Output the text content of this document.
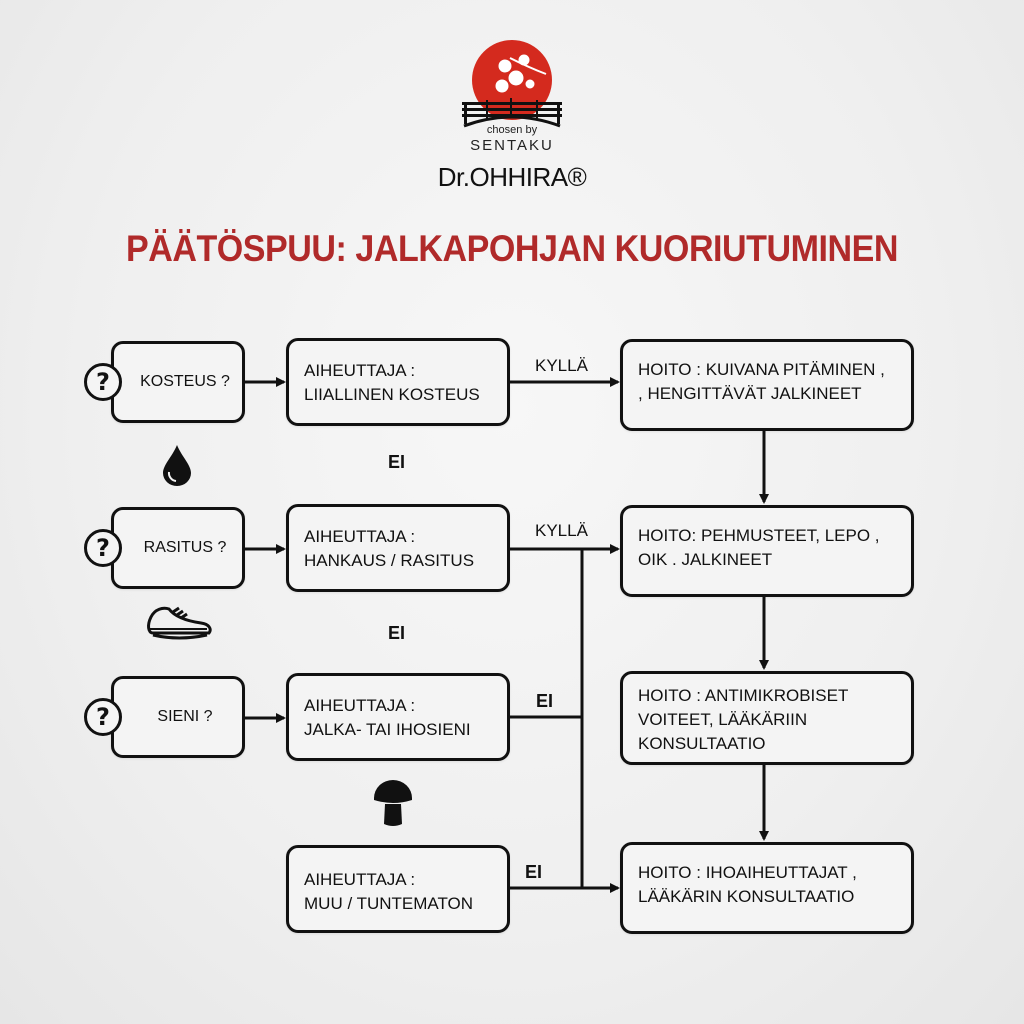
chosen by
SENTAKU
Dr.OHHIRA®
PÄÄTÖSPUU: JALKAPOHJAN KUORIUTUMINEN
KOSTEUS ?
?
RASITUS ?
?
SIENI ?
?
AIHEUTTAJA :
LIIALLINEN KOSTEUS
AIHEUTTAJA :
HANKAUS / RASITUS
AIHEUTTAJA :
JALKA- TAI IHOSIENI
AIHEUTTAJA :
MUU / TUNTEMATON
HOITO : KUIVANA PITÄMINEN ,
, HENGITTÄVÄT JALKINEET
HOITO: PEHMUSTEET, LEPO ,
OIK . JALKINEET
HOITO : ANTIMIKROBISET
VOITEET, LÄÄKÄRIIN
KONSULTAATIO
HOITO : IHOAIHEUTTAJAT ,
LÄÄKÄRIN KONSULTAATIO
KYLLÄ
EI
KYLLÄ
EI
EI
EI
